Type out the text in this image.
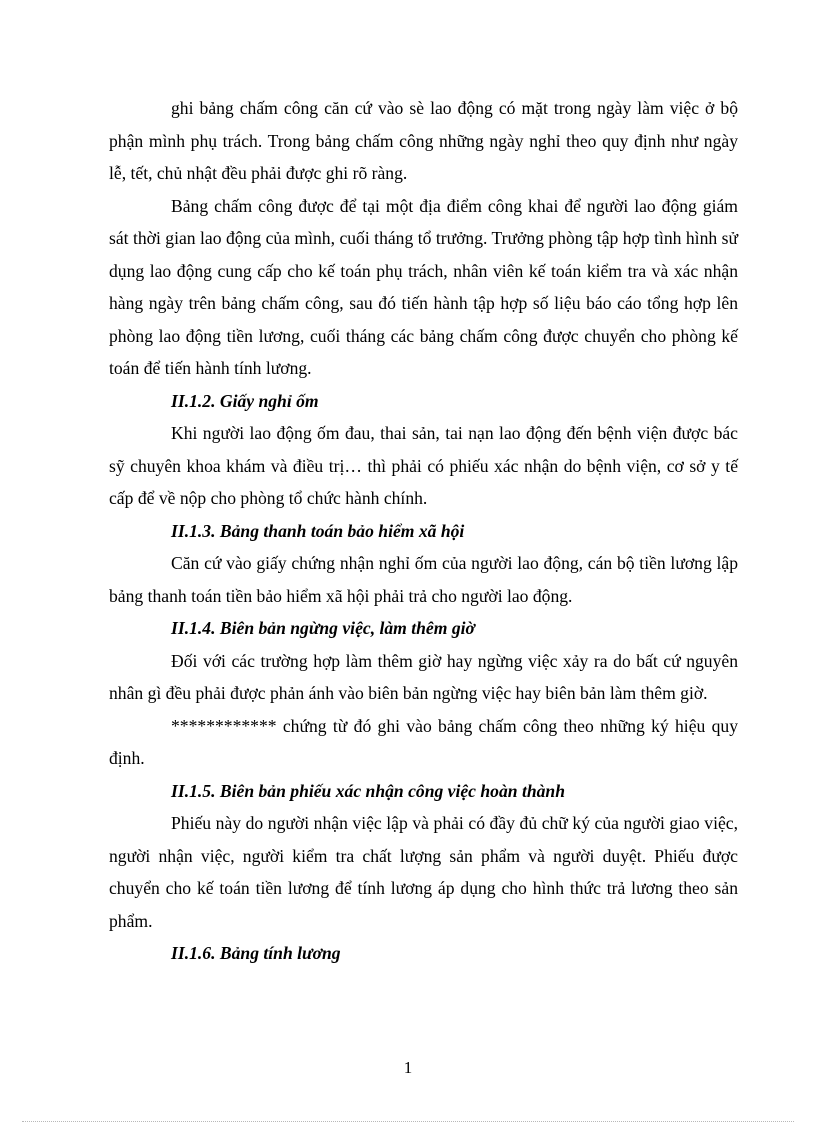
ghi bảng chấm công căn cứ vào sè lao động có mặt trong ngày làm việc ở bộ phận mình phụ trách. Trong bảng chấm công những ngày nghỉ theo quy định như ngày lễ, tết, chủ nhật đều phải được ghi rõ ràng.

Bảng chấm công được để tại một địa điểm công khai để người lao động giám sát thời gian lao động của mình, cuối tháng tổ trưởng. Trưởng phòng tập hợp tình hình sử dụng lao động cung cấp cho kế toán phụ trách, nhân viên kế toán kiểm tra và xác nhận hàng ngày trên bảng chấm công, sau đó tiến hành tập hợp số liệu báo cáo tổng hợp lên phòng lao động tiền lương, cuối tháng các bảng chấm công được chuyển cho phòng kế toán để tiến hành tính lương.

II.1.2. Giấy nghỉ ốm

Khi người lao động ốm đau, thai sản, tai nạn lao động đến bệnh viện được bác sỹ chuyên khoa khám và điều trị… thì phải có phiếu xác nhận do bệnh viện, cơ sở y tế cấp để về nộp cho phòng tổ chức hành chính.

II.1.3. Bảng thanh toán bảo hiểm xã hội

Căn cứ vào giấy chứng nhận nghỉ ốm của người lao động, cán bộ tiền lương lập bảng thanh toán tiền bảo hiểm xã hội phải trả cho người lao động.

II.1.4. Biên bản ngừng việc, làm thêm giờ

Đối với các trường hợp làm thêm giờ hay ngừng việc xảy ra do bất cứ nguyên nhân gì đều phải được phản ánh vào biên bản ngừng việc hay biên bản làm thêm giờ.

************ chứng từ đó ghi vào bảng chấm công theo những ký hiệu quy định.

II.1.5. Biên bản phiếu xác nhận công việc hoàn thành

Phiếu này do người nhận việc lập và phải có đầy đủ chữ ký của người giao việc, người nhận việc, người kiểm tra chất lượng sản phẩm và người duyệt. Phiếu được chuyển cho kế toán tiền lương để tính lương áp dụng cho hình thức trả lương theo sản phẩm.

II.1.6. Bảng tính lương

1
